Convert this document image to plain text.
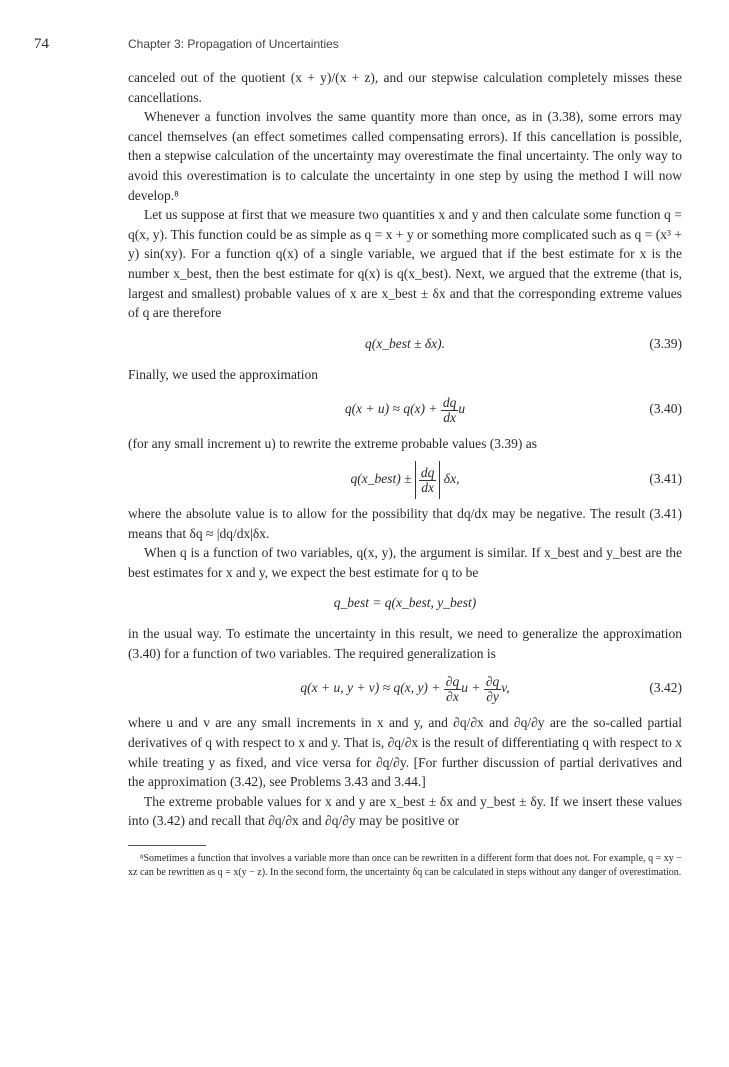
74	Chapter 3: Propagation of Uncertainties

canceled out of the quotient (x + y)/(x + z), and our stepwise calculation completely misses these cancellations.

Whenever a function involves the same quantity more than once, as in (3.38), some errors may cancel themselves (an effect sometimes called compensating errors). If this cancellation is possible, then a stepwise calculation of the uncertainty may overestimate the final uncertainty. The only way to avoid this overestimation is to calculate the uncertainty in one step by using the method I will now develop.⁸

Let us suppose at first that we measure two quantities x and y and then calculate some function q = q(x, y). This function could be as simple as q = x + y or something more complicated such as q = (x³ + y) sin(xy). For a function q(x) of a single variable, we argued that if the best estimate for x is the number x_best, then the best estimate for q(x) is q(x_best). Next, we argued that the extreme (that is, largest and smallest) probable values of x are x_best ± δx and that the corresponding extreme values of q are therefore

q(x_best ± δx).	(3.39)

Finally, we used the approximation

$q(x + u) \approx q(x) + \frac{dq}{dx}$ u	(3.40)

(for any small increment u) to rewrite the extreme probable values (3.39) as

q(x_best) ± $\frac{dq}{dx} \delta x$,	(3.41)

where the absolute value is to allow for the possibility that dq/dx may be negative. The result (3.41) means that δq ≈ |dq/dx|δx.

When q is a function of two variables, q(x, y), the argument is similar. If x_best and y_best are the best estimates for x and y, we expect the best estimate for q to be

q_best = q(x_best, y_best)

in the usual way. To estimate the uncertainty in this result, we need to generalize the approximation (3.40) for a function of two variables. The required generalization is

q(x + u, y + v) ≈ q(x, $y) + \frac{\partial q}{\partial x}$ $u + \frac{\partial q}{\partial y} v$,	(3.42)

where u and v are any small increments in x and y, and ∂q/∂x and ∂q/∂y are the so-called partial derivatives of q with respect to x and y. That is, ∂q/∂x is the result of differentiating q with respect to x while treating y as fixed, and vice versa for ∂q/∂y. [For further discussion of partial derivatives and the approximation (3.42), see Problems 3.43 and 3.44.]

The extreme probable values for x and y are x_best ± δx and y_best ± δy. If we insert these values into (3.42) and recall that ∂q/∂x and ∂q/∂y may be positive or

⁸Sometimes a function that involves a variable more than once can be rewritten in a different form that does not. For example, q = xy − xz can be rewritten as q = x(y − z). In the second form, the uncertainty δq can be calculated in steps without any danger of overestimation.
